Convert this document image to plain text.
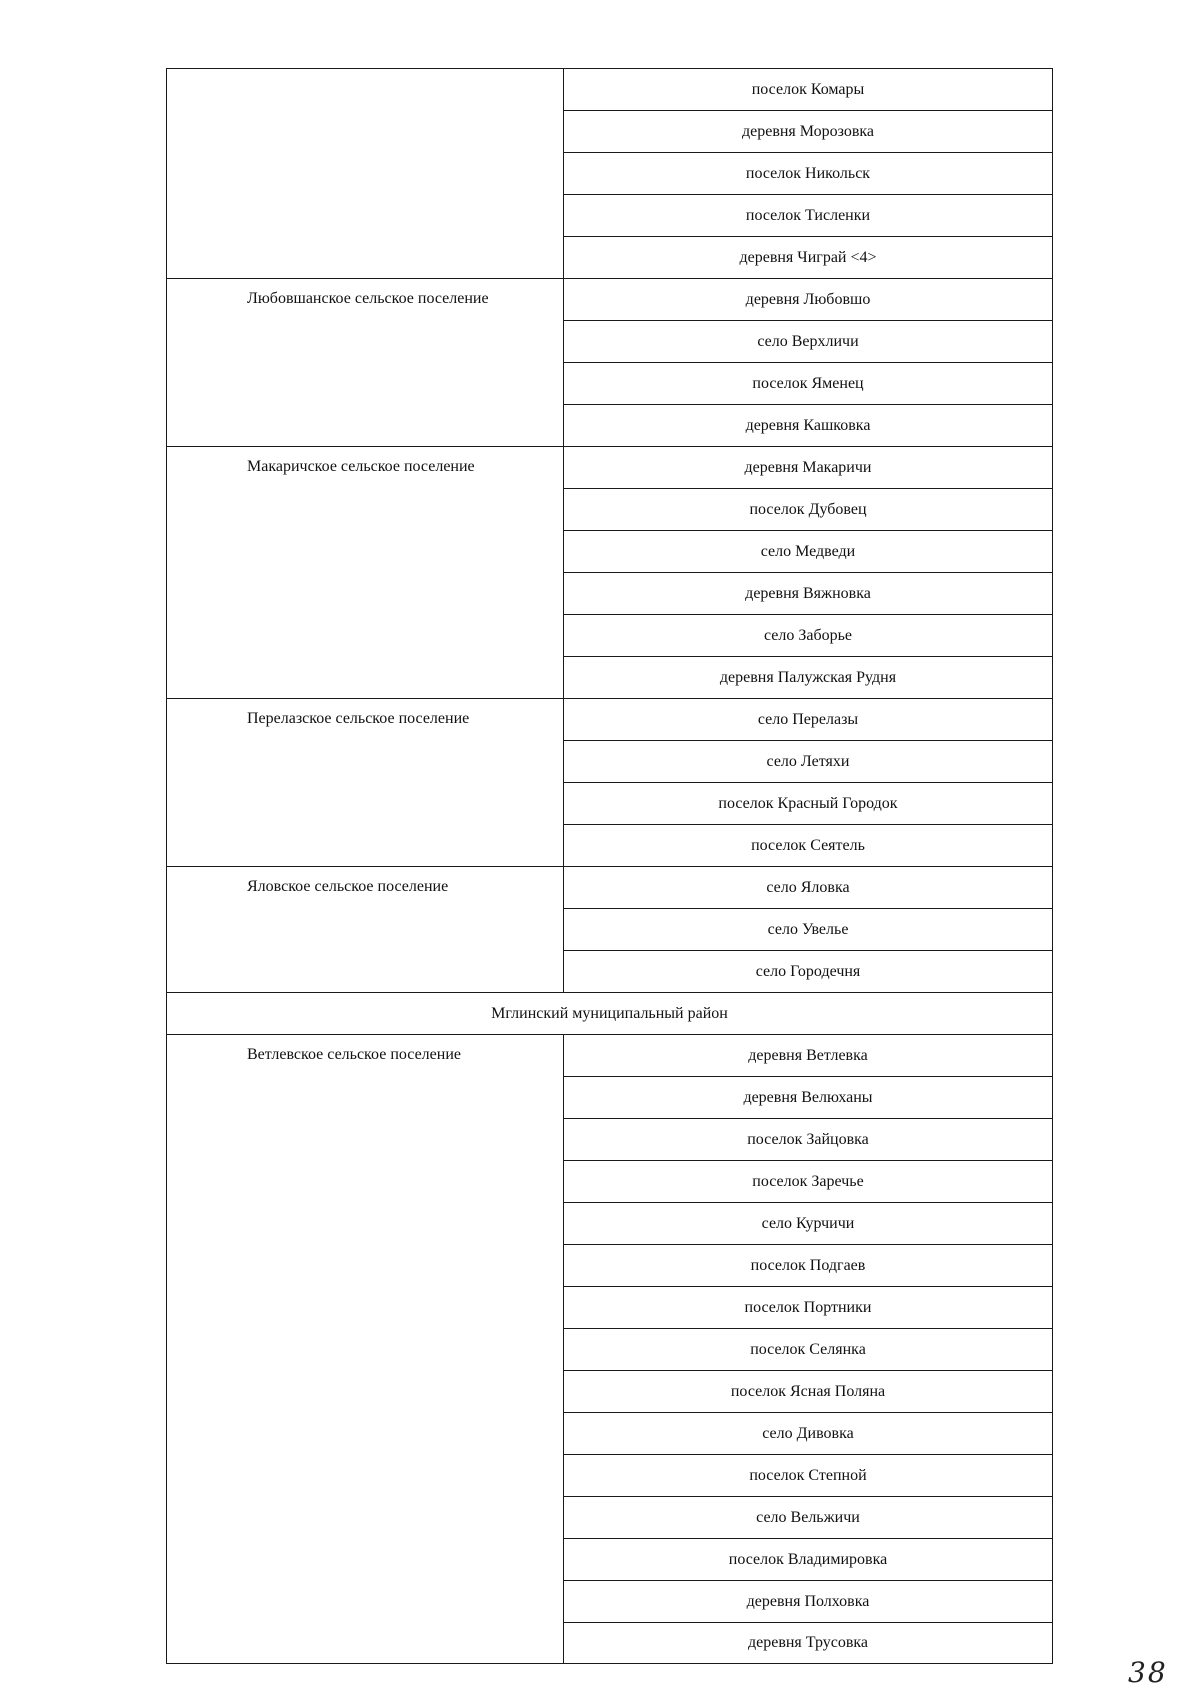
	поселок Комары
	деревня Морозовка
	поселок Никольск
	поселок Тисленки
	деревня Чиграй <4>
Любовшанское сельское поселение	деревня Любовшо
	село Верхличи
	поселок Яменец
	деревня Кашковка
Макаричское сельское поселение	деревня Макаричи
	поселок Дубовец
	село Медведи
	деревня Вяжновка
	село Заборье
	деревня Палужская Рудня
Перелазское сельское поселение	село Перелазы
	село Летяхи
	поселок Красный Городок
	поселок Сеятель
Яловское сельское поселение	село Яловка
	село Увелье
	село Городечня
Мглинский муниципальный район	
Ветлевское сельское поселение	деревня Ветлевка
	деревня Велюханы
	поселок Зайцовка
	поселок Заречье
	село Курчичи
	поселок Подгаев
	поселок Портники
	поселок Селянка
	поселок Ясная Поляна
	село Дивовка
	поселок Степной
	село Вельжичи
	поселок Владимировка
	деревня Полховка
	деревня Трусовка
38
